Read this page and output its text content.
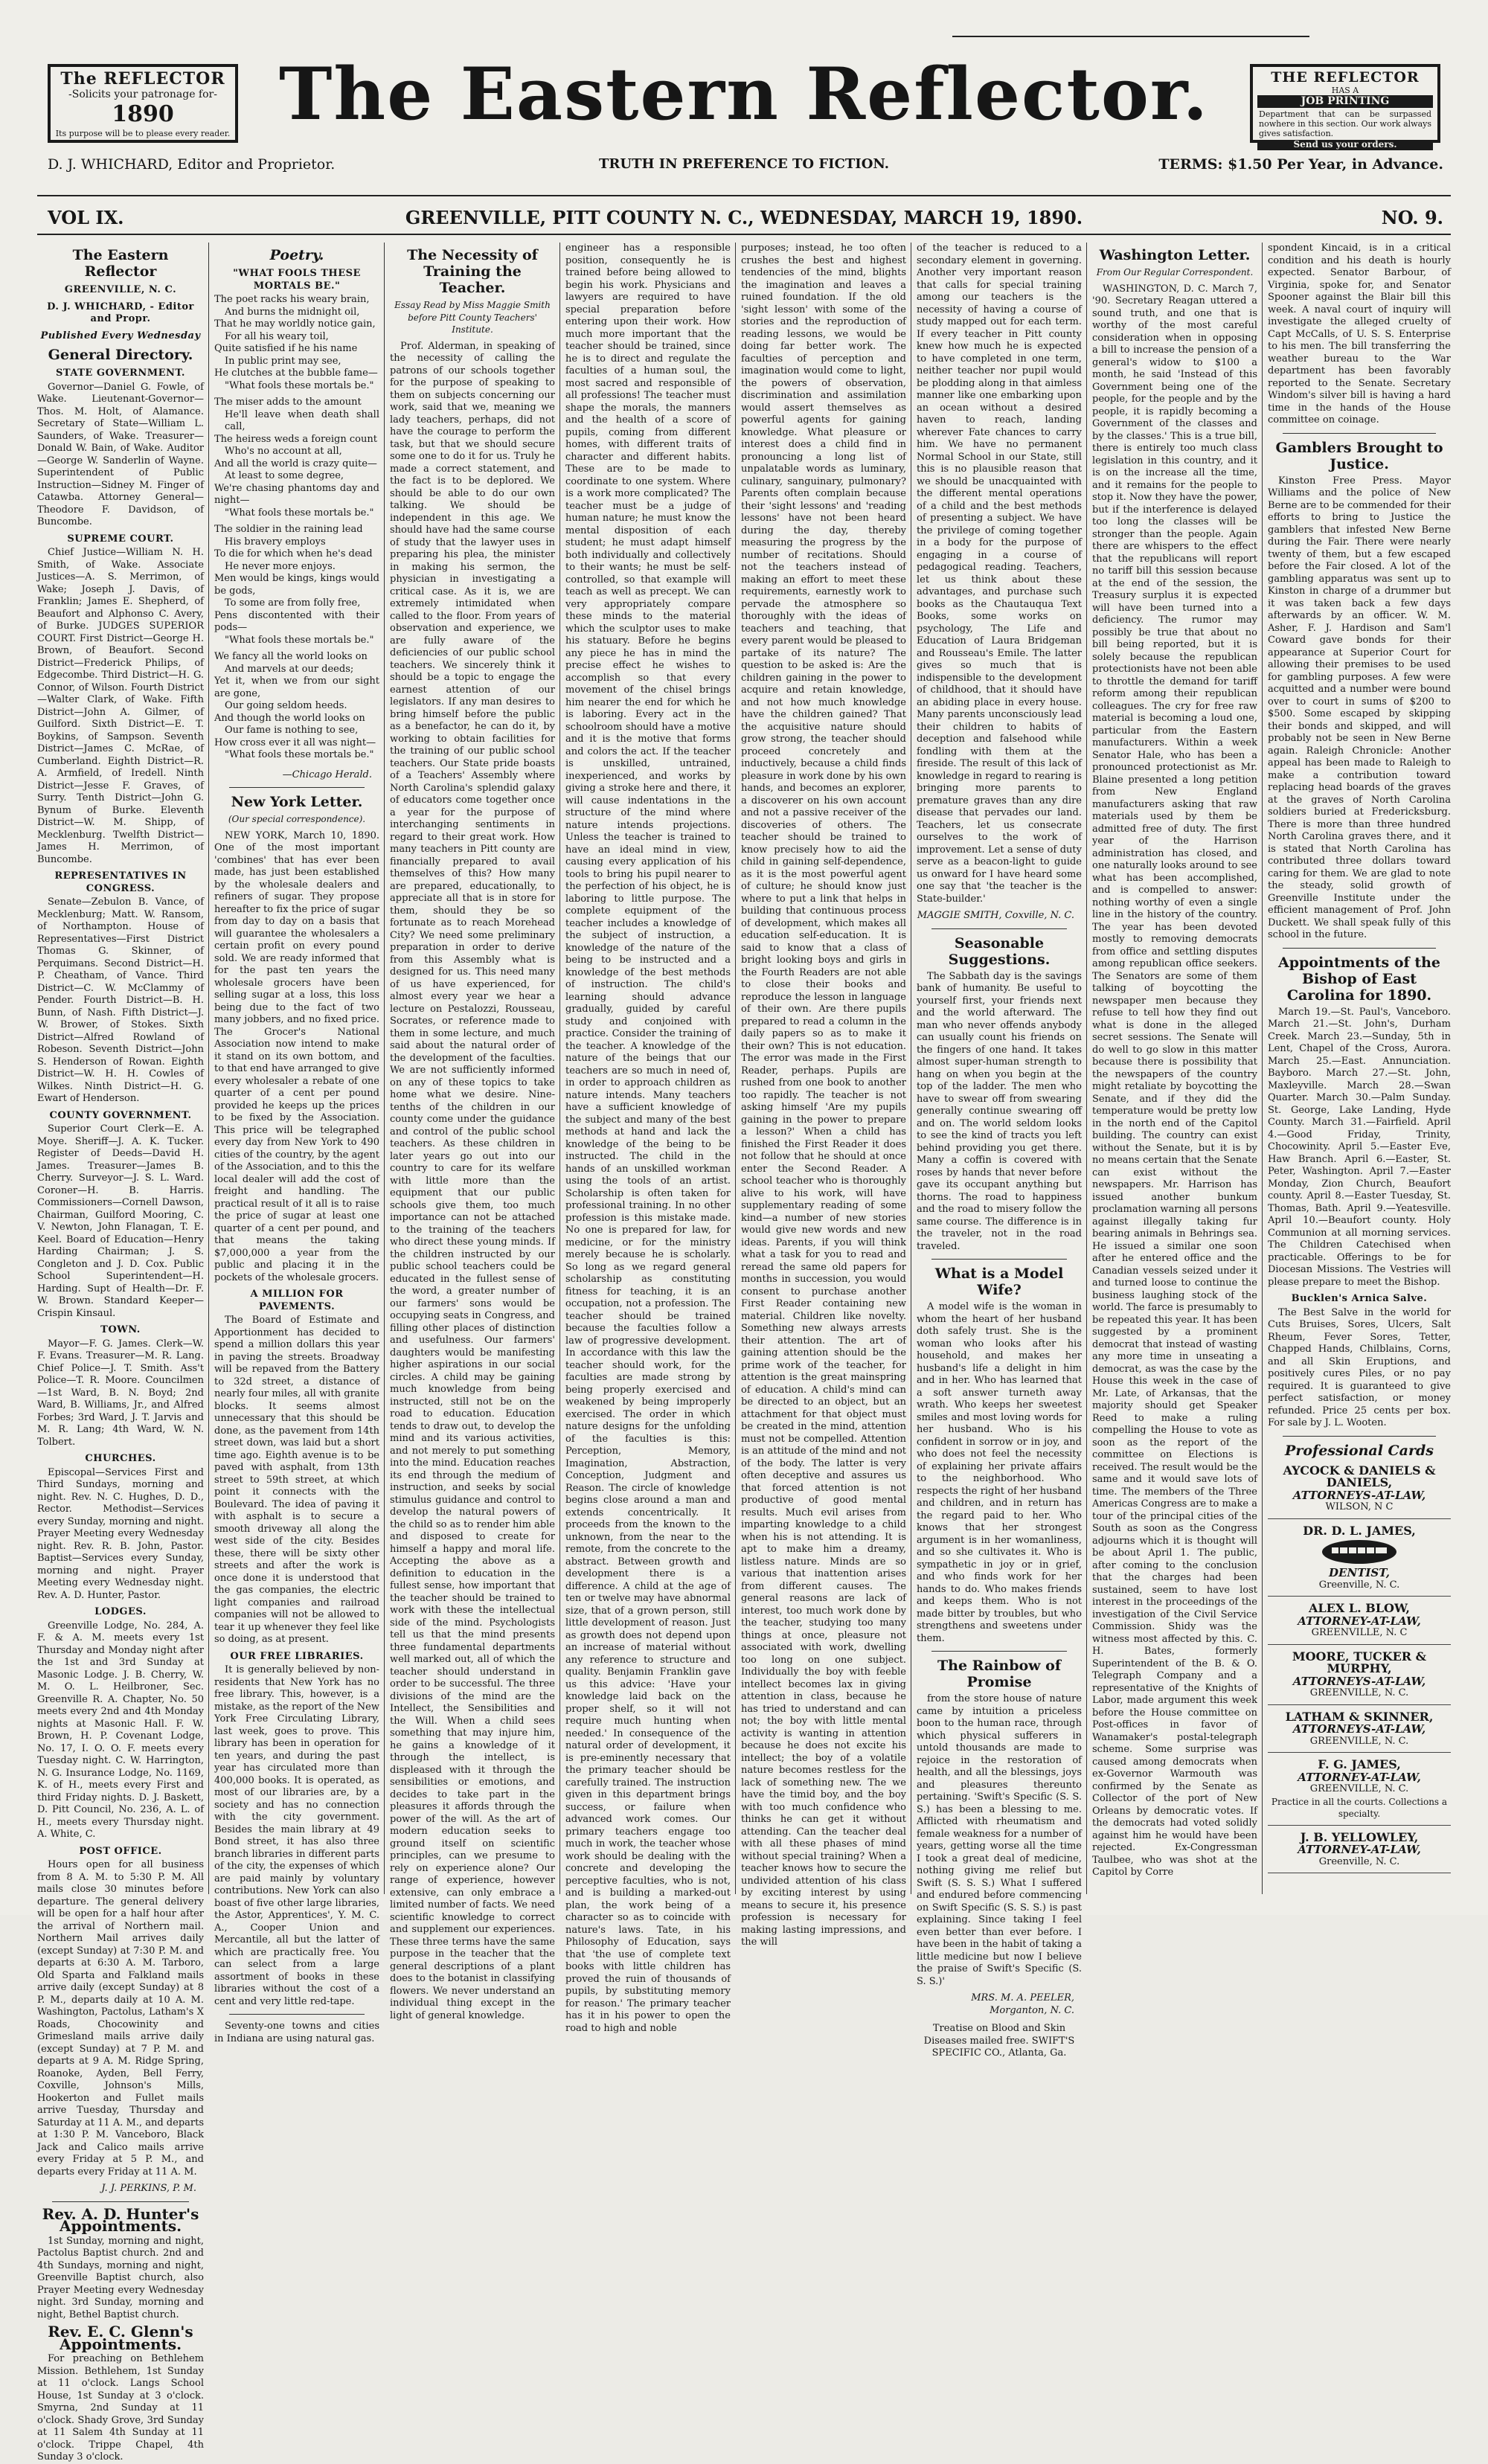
The REFLECTOR
-Solicits your patronage for-
1890
Its purpose will be to please every reader. The Eastern Reflector.	THE REFLECTOR
HAS A
JOB PRINTING
Department that can be surpassed nowhere in this section. Our work always gives satisfaction.
Send us your orders.
D. J. WHICHARD, Editor and Proprietor.	TRUTH IN PREFERENCE TO FICTION.	TERMS: $1.50 Per Year, in Advance.
VOL IX.	GREENVILLE, PITT COUNTY N. C., WEDNESDAY, MARCH 19, 1890.	NO. 9.
The Eastern Reflector
GREENVILLE, N. C.
D. J. WHICHARD, - Editor and Propr.
Published Every Wednesday
General Directory.
STATE GOVERNMENT.

Governor—Daniel G. Fowle, of Wake. Lieutenant-Governor—Thos. M. Holt, of Alamance. Secretary of State—William L. Saunders, of Wake. Treasurer—Donald W. Bain, of Wake. Auditor—George W. Sanderlin of Wayne. Superintendent of Public Instruction—Sidney M. Finger of Catawba. Attorney General—Theodore F. Davidson, of Buncombe.

SUPREME COURT.

Chief Justice—William N. H. Smith, of Wake. Associate Justices—A. S. Merrimon, of Wake; Joseph J. Davis, of Franklin; James E. Shepherd, of Beaufort and Alphonso C. Avery, of Burke. JUDGES SUPERIOR COURT. First District—George H. Brown, of Beaufort. Second District—Frederick Philips, of Edgecombe. Third District—H. G. Connor, of Wilson. Fourth District—Walter Clark, of Wake. Fifth District—John A. Gilmer, of Guilford. Sixth District—E. T. Boykins, of Sampson. Seventh District—James C. McRae, of Cumberland. Eighth District—R. A. Armfield, of Iredell. Ninth District—Jesse F. Graves, of Surry. Tenth District—John G. Bynum of Burke. Eleventh District—W. M. Shipp, of Mecklenburg. Twelfth District—James H. Merrimon, of Buncombe.

REPRESENTATIVES IN CONGRESS.

Senate—Zebulon B. Vance, of Mecklenburg; Matt. W. Ransom, of Northampton. House of Representatives—First District Thomas G. Skinner, of Perquimans. Second District—H. P. Cheatham, of Vance. Third District—C. W. McClammy of Pender. Fourth District—B. H. Bunn, of Nash. Fifth District—J. W. Brower, of Stokes. Sixth District—Alfred Rowland of Robeson. Seventh District—John S. Henderson of Rowan. Eighth District—W. H. H. Cowles of Wilkes. Ninth District—H. G. Ewart of Henderson.

COUNTY GOVERNMENT.

Superior Court Clerk—E. A. Moye. Sheriff—J. A. K. Tucker. Register of Deeds—David H. James. Treasurer—James B. Cherry. Surveyor—J. S. L. Ward. Coroner—H. B. Harris. Commissioners—Cornell Dawson, Chairman, Guilford Mooring, C. V. Newton, John Flanagan, T. E. Keel. Board of Education—Henry Harding Chairman; J. S. Congleton and J. D. Cox. Public School Superintendent—H. Harding. Supt of Health—Dr. F. W. Brown. Standard Keeper—Crispin Kinsaul.

TOWN.

Mayor—F. G. James. Clerk—W. F. Evans. Treasurer—M. R. Lang. Chief Police—J. T. Smith. Ass't Police—T. R. Moore. Councilmen—1st Ward, B. N. Boyd; 2nd Ward, B. Williams, Jr., and Alfred Forbes; 3rd Ward, J. T. Jarvis and M. R. Lang; 4th Ward, W. N. Tolbert.

CHURCHES.

Episcopal—Services First and Third Sundays, morning and night. Rev. N. C. Hughes, D. D., Rector. Methodist—Services every Sunday, morning and night. Prayer Meeting every Wednesday night. Rev. R. B. John, Pastor. Baptist—Services every Sunday, morning and night. Prayer Meeting every Wednesday night. Rev. A. D. Hunter, Pastor.

LODGES.

Greenville Lodge, No. 284, A. F. & A. M. meets every 1st Thursday and Monday night after the 1st and 3rd Sunday at Masonic Lodge. J. B. Cherry, W. M. O. L. Heilbroner, Sec. Greenville R. A. Chapter, No. 50 meets every 2nd and 4th Monday nights at Masonic Hall. F. W. Brown, H. P. Covenant Lodge, No. 17, I. O. O. F. meets every Tuesday night. C. W. Harrington, N. G. Insurance Lodge, No. 1169, K. of H., meets every First and third Friday nights. D. J. Baskett, D. Pitt Council, No. 236, A. L. of H., meets every Thursday night. A. White, C.

POST OFFICE.

Hours open for all business from 8 A. M. to 5:30 P. M. All mails close 30 minutes before departure. The general delivery will be open for a half hour after the arrival of Northern mail. Northern Mail arrives daily (except Sunday) at 7:30 P. M. and departs at 6:30 A. M. Tarboro, Old Sparta and Falkland mails arrive daily (except Sunday) at 8 P. M., departs daily at 10 A. M. Washington, Pactolus, Latham's X Roads, Chocowinity and Grimesland mails arrive daily (except Sunday) at 7 P. M. and departs at 9 A. M. Ridge Spring, Roanoke, Ayden, Bell Ferry, Coxville, Johnson's Mills, Hookerton and Fullet mails arrive Tuesday, Thursday and Saturday at 11 A. M., and departs at 1:30 P. M. Vanceboro, Black Jack and Calico mails arrive every Friday at 5 P. M., and departs every Friday at 11 A. M.

J. J. PERKINS, P. M.
Rev. A. D. Hunter's Appointments.

1st Sunday, morning and night, Pactolus Baptist church. 2nd and 4th Sundays, morning and night, Greenville Baptist church, also Prayer Meeting every Wednesday night. 3rd Sunday, morning and night, Bethel Baptist church.

Rev. E. C. Glenn's Appointments.

For preaching on Bethlehem Mission. Bethlehem, 1st Sunday at 11 o'clock. Langs School House, 1st Sunday at 3 o'clock. Smyrna, 2nd Sunday at 11 o'clock. Shady Grove, 3rd Sunday at 11 Salem 4th Sunday at 11 o'clock. Trippe Chapel, 4th Sunday 3 o'clock.

Poetry.
"WHAT FOOLS THESE MORTALS BE."

The poet racks his weary brain,

And burns the midnight oil,

That he may worldly notice gain,

For all his weary toil,

Quite satisfied if he his name

In public print may see,

He clutches at the bubble fame—

"What fools these mortals be."

The miser adds to the amount

He'll leave when death shall call,

The heiress weds a foreign count

Who's no account at all,

And all the world is crazy quite—

At least to some degree,

We're chasing phantoms day and night—

"What fools these mortals be."

The soldier in the raining lead

His bravery employs

To die for which when he's dead

He never more enjoys.

Men would be kings, kings would be gods,

To some are from folly free,

Pens discontented with their pods—

"What fools these mortals be."

We fancy all the world looks on

And marvels at our deeds;

Yet it, when we from our sight are gone,

Our going seldom heeds.

And though the world looks on

Our fame is nothing to see,

How cross ever it all was night—

"What fools these mortals be."

—Chicago Herald.
New York Letter.
(Our special correspondence).

NEW YORK, March 10, 1890. One of the most important 'combines' that has ever been made, has just been established by the wholesale dealers and refiners of sugar. They propose hereafter to fix the price of sugar from day to day on a basis that will guarantee the wholesalers a certain profit on every pound sold. We are ready informed that for the past ten years the wholesale grocers have been selling sugar at a loss, this loss being due to the fact of two many jobbers, and no fixed price. The Grocer's National Association now intend to make it stand on its own bottom, and to that end have arranged to give every wholesaler a rebate of one quarter of a cent per pound provided he keeps up the prices to be fixed by the Association. This price will be telegraphed every day from New York to 490 cities of the country, by the agent of the Association, and to this the local dealer will add the cost of freight and handling. The practical result of it all is to raise the price of sugar at least one quarter of a cent per pound, and that means the taking $7,000,000 a year from the public and placing it in the pockets of the wholesale grocers.

A MILLION FOR PAVEMENTS.

The Board of Estimate and Apportionment has decided to spend a million dollars this year in paving the streets. Broadway will be repaved from the Battery to 32d street, a distance of nearly four miles, all with granite blocks. It seems almost unnecessary that this should be done, as the pavement from 14th street down, was laid but a short time ago. Eighth avenue is to be paved with asphalt, from 13th street to 59th street, at which point it connects with the Boulevard. The idea of paving it with asphalt is to secure a smooth driveway all along the west side of the city. Besides these, there will be sixty other streets and after the work is once done it is understood that the gas companies, the electric light companies and railroad companies will not be allowed to tear it up whenever they feel like so doing, as at present.

OUR FREE LIBRARIES.

It is generally believed by non-residents that New York has no free library. This, however, is a mistake, as the report of the New York Free Circulating Library, last week, goes to prove. This library has been in operation for ten years, and during the past year has circulated more than 400,000 books. It is operated, as most of our libraries are, by a society and has no connection with the city government. Besides the main library at 49 Bond street, it has also three branch libraries in different parts of the city, the expenses of which are paid mainly by voluntary contributions. New York can also boast of five other large libraries, the Astor, Apprentices', Y. M. C. A., Cooper Union and Mercantile, all but the latter of which are practically free. You can select from a large assortment of books in these libraries without the cost of a cent and very little red-tape.

Seventy-one towns and cities in Indiana are using natural gas.

The Necessity of Training the Teacher.
Essay Read by Miss Maggie Smith before Pitt County Teachers' Institute.

Prof. Alderman, in speaking of the necessity of calling the patrons of our schools together for the purpose of speaking to them on subjects concerning our work, said that we, meaning we lady teachers, perhaps, did not have the courage to perform the task, but that we should secure some one to do it for us. Truly he made a correct statement, and the fact is to be deplored. We should be able to do our own talking. We should be independent in this age. We should have had the same course of study that the lawyer uses in preparing his plea, the minister in making his sermon, the physician in investigating a critical case. As it is, we are extremely intimidated when called to the floor. From years of observation and experience, we are fully aware of the deficiencies of our public school teachers. We sincerely think it should be a topic to engage the earnest attention of our legislators. If any man desires to bring himself before the public as a benefactor, he can do it, by working to obtain facilities for the training of our public school teachers. Our State pride boasts of a Teachers' Assembly where North Carolina's splendid galaxy of educators come together once a year for the purpose of interchanging sentiments in regard to their great work. How many teachers in Pitt county are financially prepared to avail themselves of this? How many are prepared, educationally, to appreciate all that is in store for them, should they be so fortunate as to reach Morehead City? We need some preliminary preparation in order to derive from this Assembly what is designed for us. This need many of us have experienced, for almost every year we hear a lecture on Pestalozzi, Rousseau, Socrates, or reference made to them in some lecture, and much said about the natural order of the development of the faculties. We are not sufficiently informed on any of these topics to take home what we desire. Nine-tenths of the children in our county come under the guidance and control of the public school teachers. As these children in later years go out into our country to care for its welfare with little more than the equipment that our public schools give them, too much importance can not be attached to the training of the teachers who direct these young minds. If the children instructed by our public school teachers could be educated in the fullest sense of the word, a greater number of our farmers' sons would be occupying seats in Congress, and filling other places of distinction and usefulness. Our farmers' daughters would be manifesting higher aspirations in our social circles. A child may be gaining much knowledge from being instructed, still not be on the road to education. Education tends to draw out, to develop the mind and its various activities, and not merely to put something into the mind. Education reaches its end through the medium of instruction, and seeks by social stimulus guidance and control to develop the natural powers of the child so as to render him able and disposed to create for himself a happy and moral life. Accepting the above as a definition to education in the fullest sense, how important that the teacher should be trained to work with these the intellectual side of the mind. Psychologists tell us that the mind presents three fundamental departments well marked out, all of which the teacher should understand in order to be successful. The three divisions of the mind are the Intellect, the Sensibilities and the Will. When a child sees something that may injure him, he gains a knowledge of it through the intellect, is displeased with it through the sensibilities or emotions, and decides to take part in the pleasures it affords through the power of the will. As the art of modern education seeks to ground itself on scientific principles, can we presume to rely on experience alone? Our range of experience, however extensive, can only embrace a limited number of facts. We need scientific knowledge to correct and supplement our experiences. These three terms have the same purpose in the teacher that the general descriptions of a plant does to the botanist in classifying flowers. We never understand an individual thing except in the light of general knowledge.

engineer has a responsible position, consequently he is trained before being allowed to begin his work. Physicians and lawyers are required to have special preparation before entering upon their work. How much more important that the teacher should be trained, since he is to direct and regulate the faculties of a human soul, the most sacred and responsible of all professions! The teacher must shape the morals, the manners and the health of a score of pupils, coming from different homes, with different traits of character and different habits. These are to be made to coordinate to one system. Where is a work more complicated? The teacher must be a judge of human nature; he must know the mental disposition of each student; he must adapt himself both individually and collectively to their wants; he must be self-controlled, so that example will teach as well as precept. We can very appropriately compare these minds to the material which the sculptor uses to make his statuary. Before he begins any piece he has in mind the precise effect he wishes to accomplish so that every movement of the chisel brings him nearer the end for which he is laboring. Every act in the schoolroom should have a motive and it is the motive that forms and colors the act. If the teacher is unskilled, untrained, inexperienced, and works by giving a stroke here and there, it will cause indentations in the structure of the mind where nature intends projections. Unless the teacher is trained to have an ideal mind in view, causing every application of his tools to bring his pupil nearer to the perfection of his object, he is laboring to little purpose. The complete equipment of the teacher includes a knowledge of the subject of instruction, a knowledge of the nature of the being to be instructed and a knowledge of the best methods of instruction. The child's learning should advance gradually, guided by careful study and conjoined with practice. Consider the training of the teacher. A knowledge of the nature of the beings that our teachers are so much in need of, in order to approach children as nature intends. Many teachers have a sufficient knowledge of the subject and many of the best methods at hand and lack the knowledge of the being to be instructed. The child in the hands of an unskilled workman using the tools of an artist. Scholarship is often taken for professional training. In no other profession is this mistake made. No one is prepared for law, for medicine, or for the ministry merely because he is scholarly. So long as we regard general scholarship as constituting fitness for teaching, it is an occupation, not a profession. The teacher should be trained because the faculties follow a law of progressive development. In accordance with this law the teacher should work, for the faculties are made strong by being properly exercised and weakened by being improperly exercised. The order in which nature designs for the unfolding of the faculties is this: Perception, Memory, Imagination, Abstraction, Conception, Judgment and Reason. The circle of knowledge begins close around a man and extends concentrically. It proceeds from the known to the unknown, from the near to the remote, from the concrete to the abstract. Between growth and development there is a difference. A child at the age of ten or twelve may have abnormal size, that of a grown person, still little development of reason. Just as growth does not depend upon an increase of material without any reference to structure and quality. Benjamin Franklin gave us this advice: 'Have your knowledge laid back on the proper shelf, so it will not require much hunting when needed.' In consequence of the natural order of development, it is pre-eminently necessary that the primary teacher should be carefully trained. The instruction given in this department brings success, or failure when advanced work comes. Our primary teachers engage too much in work, the teacher whose work should be dealing with the concrete and developing the perceptive faculties, who is not, and is building a marked-out plan, the work being of a character so as to coincide with nature's laws. Tate, in his Philosophy of Education, says that 'the use of complete text books with little children has proved the ruin of thousands of pupils, by substituting memory for reason.' The primary teacher has it in his power to open the road to high and noble

purposes; instead, he too often crushes the best and highest tendencies of the mind, blights the imagination and leaves a ruined foundation. If the old 'sight lesson' with some of the stories and the reproduction of reading lessons, we would be doing far better work. The faculties of perception and imagination would come to light, the powers of observation, discrimination and assimilation would assert themselves as powerful agents for gaining knowledge. What pleasure or interest does a child find in pronouncing a long list of unpalatable words as luminary, culinary, sanguinary, pulmonary? Parents often complain because their 'sight lessons' and 'reading lessons' have not been heard during the day, thereby measuring the progress by the number of recitations. Should not the teachers instead of making an effort to meet these requirements, earnestly work to pervade the atmosphere so thoroughly with the ideas of teachers and teaching, that every parent would be pleased to partake of its nature? The question to be asked is: Are the children gaining in the power to acquire and retain knowledge, and not how much knowledge have the children gained? That the acquisitive nature should grow strong, the teacher should proceed concretely and inductively, because a child finds pleasure in work done by his own hands, and becomes an explorer, a discoverer on his own account and not a passive receiver of the discoveries of others. The teacher should be trained to know precisely how to aid the child in gaining self-dependence, as it is the most powerful agent of culture; he should know just where to put a link that helps in building that continuous process of development, which makes all education self-education. It is said to know that a class of bright looking boys and girls in the Fourth Readers are not able to close their books and reproduce the lesson in language of their own. Are there pupils prepared to read a column in the daily papers so as to make it their own? This is not education. The error was made in the First Reader, perhaps. Pupils are rushed from one book to another too rapidly. The teacher is not asking himself 'Are my pupils gaining in the power to prepare a lesson?' When a child has finished the First Reader it does not follow that he should at once enter the Second Reader. A school teacher who is thoroughly alive to his work, will have supplementary reading of some kind—a number of new stories would give new words and new ideas. Parents, if you will think what a task for you to read and reread the same old papers for months in succession, you would consent to purchase another First Reader containing new material. Children like novelty. Something new always arrests their attention. The art of gaining attention should be the prime work of the teacher, for attention is the great mainspring of education. A child's mind can be directed to an object, but an attachment for that object must be created in the mind, attention must not be compelled. Attention is an attitude of the mind and not of the body. The latter is very often deceptive and assures us that forced attention is not productive of good mental results. Much evil arises from imparting knowledge to a child when his is not attending. It is apt to make him a dreamy, listless nature. Minds are so various that inattention arises from different causes. The general reasons are lack of interest, too much work done by the teacher, studying too many things at once, pleasure not associated with work, dwelling too long on one subject. Individually the boy with feeble intellect becomes lax in giving attention in class, because he has tried to understand and can not; the boy with little mental activity is wanting in attention because he does not excite his intellect; the boy of a volatile nature becomes restless for the lack of something new. The we have the timid boy, and the boy with too much confidence who thinks he can get it without attending. Can the teacher deal with all these phases of mind without special training? When a teacher knows how to secure the undivided attention of his class by exciting interest by using means to secure it, his presence profession is necessary for making lasting impressions, and the will

of the teacher is reduced to a secondary element in governing. Another very important reason that calls for special training among our teachers is the necessity of having a course of study mapped out for each term. If every teacher in Pitt county knew how much he is expected to have completed in one term, neither teacher nor pupil would be plodding along in that aimless manner like one embarking upon an ocean without a desired haven to reach, landing wherever Fate chances to carry him. We have no permanent Normal School in our State, still this is no plausible reason that we should be unacquainted with the different mental operations of a child and the best methods of presenting a subject. We have the privilege of coming together in a body for the purpose of engaging in a course of pedagogical reading. Teachers, let us think about these advantages, and purchase such books as the Chautauqua Text Books, some works on psychology, The Life and Education of Laura Bridgeman and Rousseau's Emile. The latter gives so much that is indispensible to the development of childhood, that it should have an abiding place in every house. Many parents unconsciously lead their children to habits of deception and falsehood while fondling with them at the fireside. The result of this lack of knowledge in regard to rearing is bringing more parents to premature graves than any dire disease that pervades our land. Teachers, let us consecrate ourselves to the work of improvement. Let a sense of duty serve as a beacon-light to guide us onward for I have heard some one say that 'the teacher is the State-builder.'

MAGGIE SMITH, Coxville, N. C.
Seasonable Suggestions.

The Sabbath day is the savings bank of humanity. Be useful to yourself first, your friends next and the world afterward. The man who never offends anybody can usually count his friends on the fingers of one hand. It takes almost super-human strength to hang on when you begin at the top of the ladder. The men who have to swear off from swearing generally continue swearing off and on. The world seldom looks to see the kind of tracts you left behind providing you get there. Many a coffin is covered with roses by hands that never before gave its occupant anything but thorns. The road to happiness and the road to misery follow the same course. The difference is in the traveler, not in the road traveled.

What is a Model Wife?

A model wife is the woman in whom the heart of her husband doth safely trust. She is the woman who looks after his household, and makes her husband's life a delight in him and in her. Who has learned that a soft answer turneth away wrath. Who keeps her sweetest smiles and most loving words for her husband. Who is his confident in sorrow or in joy, and who does not feel the necessity of explaining her private affairs to the neighborhood. Who respects the right of her husband and children, and in return has the regard paid to her. Who knows that her strongest argument is in her womanliness, and so she cultivates it. Who is sympathetic in joy or in grief, and who finds work for her hands to do. Who makes friends and keeps them. Who is not made bitter by troubles, but who strengthens and sweetens under them.

The Rainbow of Promise

from the store house of nature came by intuition a priceless boon to the human race, through which physical sufferers in untold thousands are made to rejoice in the restoration of health, and all the blessings, joys and pleasures thereunto pertaining. 'Swift's Specific (S. S. S.) has been a blessing to me. Afflicted with rheumatism and female weakness for a number of years, getting worse all the time I took a great deal of medicine, nothing giving me relief but Swift (S. S. S.) What I suffered and endured before commencing on Swift Specific (S. S. S.) is past explaining. Since taking I feel even better than ever before. I have been in the habit of taking a little medicine but now I believe the praise of Swift's Specific (S. S. S.)'

MRS. M. A. PEELER, Morganton, N. C.

Treatise on Blood and Skin Diseases mailed free. SWIFT'S SPECIFIC CO., Atlanta, Ga.

Washington Letter.
From Our Regular Correspondent.

WASHINGTON, D. C. March 7, '90. Secretary Reagan uttered a sound truth, and one that is worthy of the most careful consideration when in opposing a bill to increase the pension of a general's widow to $100 a month, he said 'Instead of this Government being one of the people, for the people and by the people, it is rapidly becoming a Government of the classes and by the classes.' This is a true bill, there is entirely too much class legislation in this country, and it is on the increase all the time, and it remains for the people to stop it. Now they have the power, but if the interference is delayed too long the classes will be stronger than the people. Again there are whispers to the effect that the republicans will report no tariff bill this session because at the end of the session, the Treasury surplus it is expected will have been turned into a deficiency. The rumor may possibly be true that about no bill being reported, but it is solely because the republican protectionists have not been able to throttle the demand for tariff reform among their republican colleagues. The cry for free raw material is becoming a loud one, particular from the Eastern manufacturers. Within a week Senator Hale, who has been a pronounced protectionist as Mr. Blaine presented a long petition from New England manufacturers asking that raw materials used by them be admitted free of duty. The first year of the Harrison administration has closed, and one naturally looks around to see what has been accomplished, and is compelled to answer: nothing worthy of even a single line in the history of the country. The year has been devoted mostly to removing democrats from office and settling disputes among republican office seekers. The Senators are some of them talking of boycotting the newspaper men because they refuse to tell how they find out what is done in the alleged secret sessions. The Senate will do well to go slow in this matter because there is possibility that the newspapers of the country might retaliate by boycotting the Senate, and if they did the temperature would be pretty low in the north end of the Capitol building. The country can exist without the Senate, but it is by no means certain that the Senate can exist without the newspapers. Mr. Harrison has issued another bunkum proclamation warning all persons against illegally taking fur bearing animals in Behrings sea. He issued a similar one soon after he entered office and the Canadian vessels seized under it and turned loose to continue the business laughing stock of the world. The farce is presumably to be repeated this year. It has been suggested by a prominent democrat that instead of wasting any more time in unseating a democrat, as was the case by the House this week in the case of Mr. Late, of Arkansas, that the majority should get Speaker Reed to make a ruling compelling the House to vote as soon as the report of the committee on Elections is received. The result would be the same and it would save lots of time. The members of the Three Americas Congress are to make a tour of the principal cities of the South as soon as the Congress adjourns which it is thought will be about April 1. The public, after coming to the conclusion that the charges had been sustained, seem to have lost interest in the proceedings of the investigation of the Civil Service Commission. Shidy was the witness most affected by this. C. H. Bates, formerly Superintendent of the B. & O. Telegraph Company and a representative of the Knights of Labor, made argument this week before the House committee on Post-offices in favor of Wanamaker's postal-telegraph scheme. Some surprise was caused among democrats when ex-Governor Warmouth was confirmed by the Senate as Collector of the port of New Orleans by democratic votes. If the democrats had voted solidly against him he would have been rejected. Ex-Congressman Taulbee, who was shot at the Capitol by Corre

spondent Kincaid, is in a critical condition and his death is hourly expected. Senator Barbour, of Virginia, spoke for, and Senator Spooner against the Blair bill this week. A naval court of inquiry will investigate the alleged cruelty of Capt McCalls, of U. S. S. Enterprise to his men. The bill transferring the weather bureau to the War department has been favorably reported to the Senate. Secretary Windom's silver bill is having a hard time in the hands of the House committee on coinage.

Gamblers Brought to Justice.

Kinston Free Press. Mayor Williams and the police of New Berne are to be commended for their efforts to bring to Justice the gamblers that infested New Berne during the Fair. There were nearly twenty of them, but a few escaped before the Fair closed. A lot of the gambling apparatus was sent up to Kinston in charge of a drummer but it was taken back a few days afterwards by an officer. W. M. Asher, F. J. Hardison and Sam'l Coward gave bonds for their appearance at Superior Court for allowing their premises to be used for gambling purposes. A few were acquitted and a number were bound over to court in sums of $200 to $500. Some escaped by skipping their bonds and skipped, and will probably not be seen in New Berne again. Raleigh Chronicle: Another appeal has been made to Raleigh to make a contribution toward replacing head boards of the graves at the graves of North Carolina soldiers buried at Fredericksburg. There is more than three hundred North Carolina graves there, and it is stated that North Carolina has contributed three dollars toward caring for them. We are glad to note the steady, solid growth of Greenville Institute under the efficient management of Prof. John Duckett. We shall speak fully of this school in the future.

Appointments of the Bishop of East Carolina for 1890.

March 19.—St. Paul's, Vanceboro. March 21.—St. John's, Durham Creek. March 23.—Sunday, 5th in Lent, Chapel of the Cross, Aurora. March 25.—East. Annunciation. Bayboro. March 27.—St. John, Maxleyville. March 28.—Swan Quarter. March 30.—Palm Sunday. St. George, Lake Landing, Hyde County. March 31.—Fairfield. April 4.—Good Friday, Trinity, Chocowinity. April 5.—Easter Eve, Haw Branch. April 6.—Easter, St. Peter, Washington. April 7.—Easter Monday, Zion Church, Beaufort county. April 8.—Easter Tuesday, St. Thomas, Bath. April 9.—Yeatesville. April 10.—Beaufort county. Holy Communion at all morning services. The Children Catechised when practicable. Offerings to be for Diocesan Missions. The Vestries will please prepare to meet the Bishop.

Bucklen's Arnica Salve.

The Best Salve in the world for Cuts Bruises, Sores, Ulcers, Salt Rheum, Fever Sores, Tetter, Chapped Hands, Chilblains, Corns, and all Skin Eruptions, and positively cures Piles, or no pay required. It is guaranteed to give perfect satisfaction, or money refunded. Price 25 cents per box. For sale by J. L. Wooten.

Professional Cards
AYCOCK & DANIELS & DANIELS,
ATTORNEYS-AT-LAW,
WILSON, N C
DR. D. L. JAMES,
DENTIST,
Greenville, N. C.
ALEX L. BLOW,
ATTORNEY-AT-LAW,
GREENVILLE, N. C
MOORE, TUCKER & MURPHY,
ATTORNEYS-AT-LAW,
GREENVILLE, N. C.
LATHAM & SKINNER,
ATTORNEYS-AT-LAW,
GREENVILLE, N. C.
F. G. JAMES,
ATTORNEY-AT-LAW,
GREENVILLE, N. C.
Practice in all the courts. Collections a specialty.
J. B. YELLOWLEY,
ATTORNEY-AT-LAW,
Greenville, N. C.
